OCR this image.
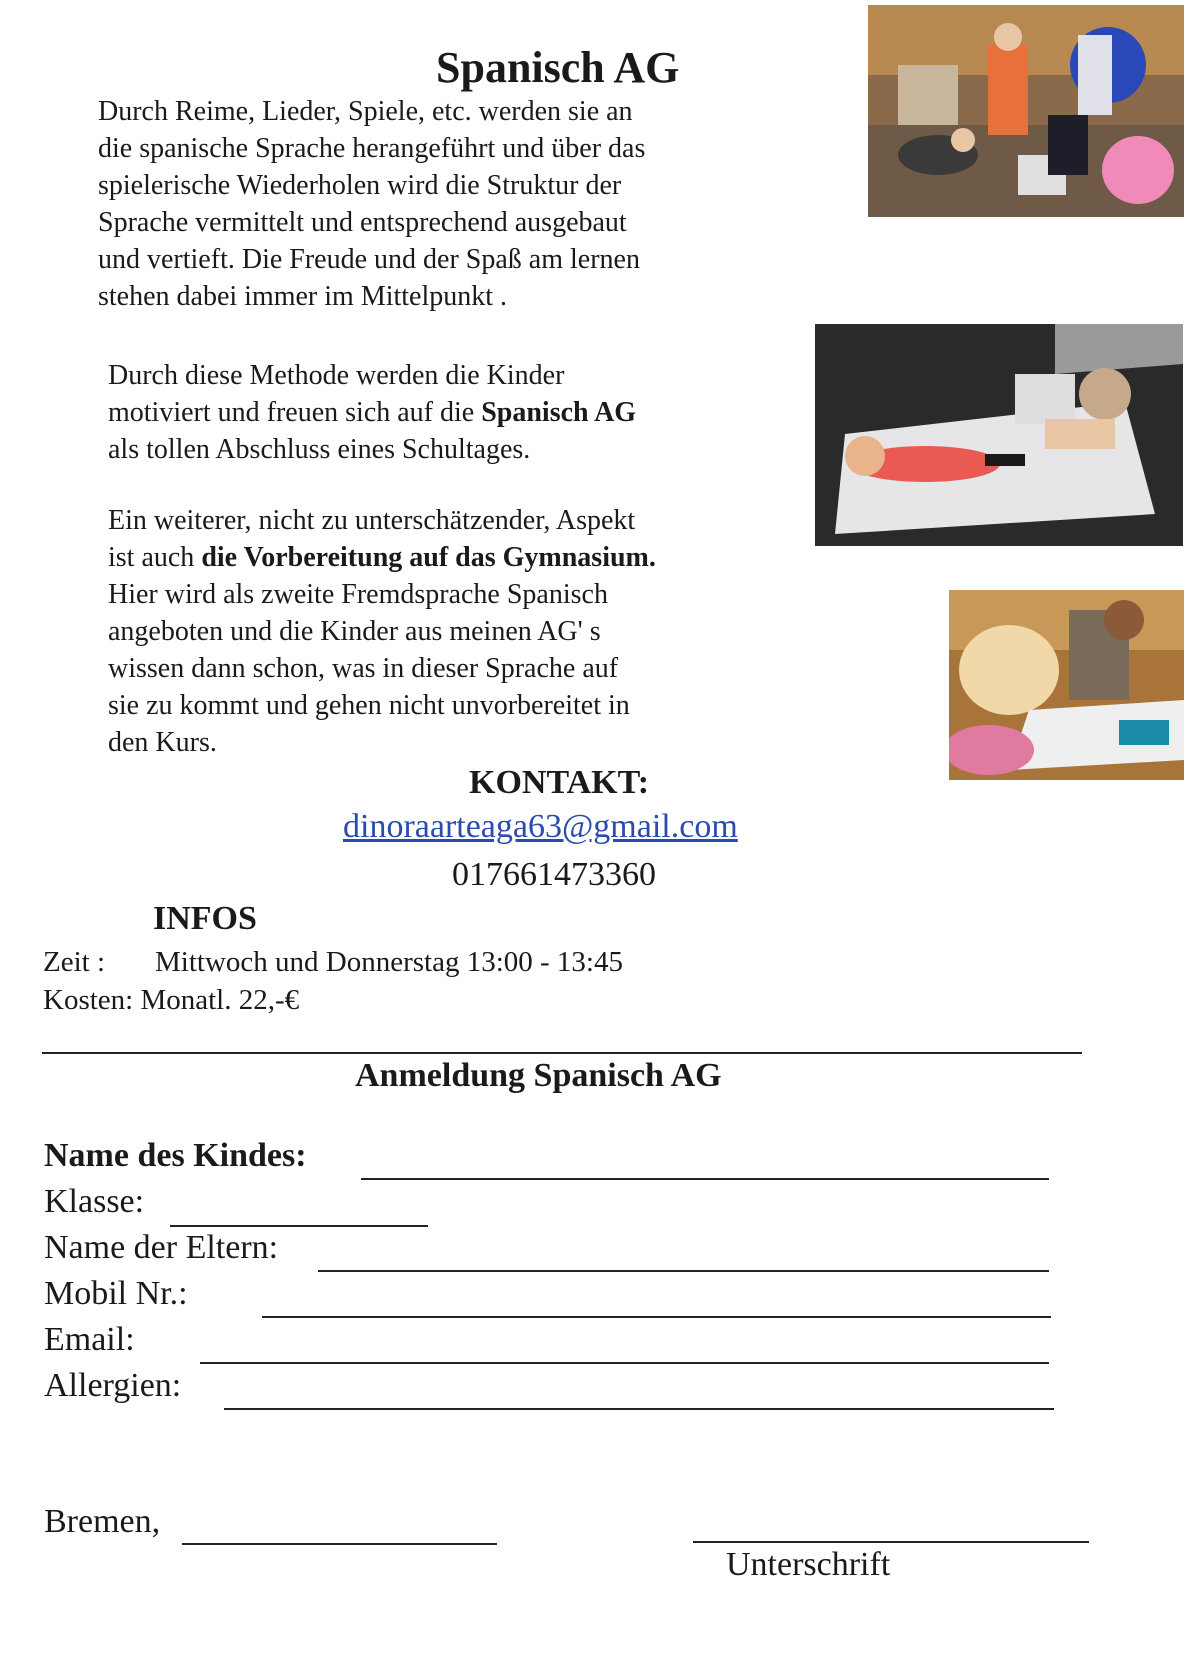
Spanisch AG
Durch Reime, Lieder, Spiele, etc. werden sie an
die spanische Sprache herangeführt und über das
spielerische Wiederholen wird die Struktur der
Sprache vermittelt und entsprechend ausgebaut
und vertieft. Die Freude und der Spaß am lernen
stehen dabei immer im Mittelpunkt .
Durch diese Methode werden die Kinder
motiviert und freuen sich auf die Spanisch AG
als tollen Abschluss eines Schultages.
Ein weiterer, nicht zu unterschätzender, Aspekt
ist auch die Vorbereitung auf das Gymnasium.
Hier wird als zweite Fremdsprache Spanisch
angeboten und die Kinder aus meinen AG' s
wissen dann schon, was in dieser Sprache auf
sie zu kommt und gehen nicht unvorbereitet in
den Kurs.
KONTAKT:
dinoraarteaga63@gmail.com
017661473360
INFOS
Zeit : Mittwoch und Donnerstag 13:00 - 13:45
Kosten: Monatl. 22,-€
Anmeldung Spanisch AG
Name des Kindes:
Klasse:
Name der Eltern:
Mobil Nr.:
Email:
Allergien:
Bremen,
Unterschrift
